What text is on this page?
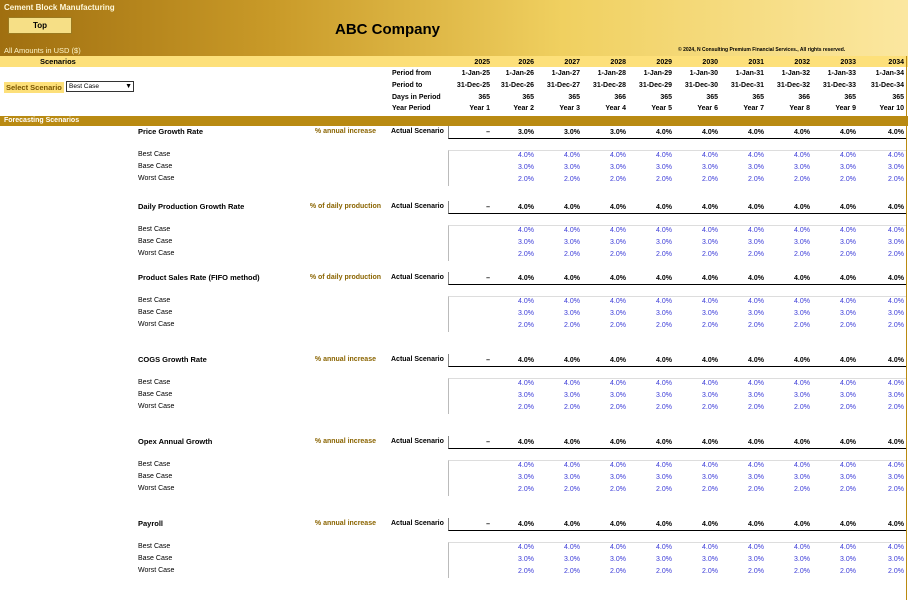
Cement Block Manufacturing
Top	ABC Company
All Amounts in USD ($)	© 2024, N Consulting Premium Financial Services., All rights reserved.
Scenarios
Select Scenario	Best Case	▼
2025	2026	2027	2028	2029	2030	2031	2032	2033	2034
Period from	1-Jan-25	1-Jan-26	1-Jan-27	1-Jan-28	1-Jan-29	1-Jan-30	1-Jan-31	1-Jan-32	1-Jan-33	1-Jan-34
Period to	31-Dec-25 31-Dec-26 31-Dec-27 31-Dec-28 31-Dec-29 31-Dec-30 31-Dec-31 31-Dec-32 31-Dec-33 31-Dec-34
Days in Period	365	365	365	366	365	365	365	366	365	365
Year Period	Year 1	Year 2	Year 3	Year 4	Year 5	Year 6	Year 7	Year 8	Year 9	Year 10
Forecasting Scenarios
Price Growth Rate	% annual increase Actual Scenario	–	3.0%	3.0%	3.0%	4.0%	4.0%	4.0%	4.0%	4.0%	4.0%
Best Case	4.0%	4.0%	4.0%	4.0%	4.0%	4.0%	4.0%	4.0%	4.0%
Base Case	3.0%	3.0%	3.0%	3.0%	3.0%	3.0%	3.0%	3.0%	3.0%
Worst Case	2.0%	2.0%	2.0%	2.0%	2.0%	2.0%	2.0%	2.0%	2.0%
Daily Production Growth Rate	% of daily production Actual Scenario	–	4.0%	4.0%	4.0%	4.0%	4.0%	4.0%	4.0%	4.0%	4.0%
Best Case	4.0%	4.0%	4.0%	4.0%	4.0%	4.0%	4.0%	4.0%	4.0%
Base Case	3.0%	3.0%	3.0%	3.0%	3.0%	3.0%	3.0%	3.0%	3.0%
Worst Case	2.0%	2.0%	2.0%	2.0%	2.0%	2.0%	2.0%	2.0%	2.0%
Product Sales Rate (FIFO method)	% of daily production Actual Scenario	–	4.0%	4.0%	4.0%	4.0%	4.0%	4.0%	4.0%	4.0%	4.0%
Best Case	4.0%	4.0%	4.0%	4.0%	4.0%	4.0%	4.0%	4.0%	4.0%
Base Case	3.0%	3.0%	3.0%	3.0%	3.0%	3.0%	3.0%	3.0%	3.0%
Worst Case	2.0%	2.0%	2.0%	2.0%	2.0%	2.0%	2.0%	2.0%	2.0%
COGS Growth Rate	% annual increase Actual Scenario	–	4.0%	4.0%	4.0%	4.0%	4.0%	4.0%	4.0%	4.0%	4.0%
Best Case	4.0%	4.0%	4.0%	4.0%	4.0%	4.0%	4.0%	4.0%	4.0%
Base Case	3.0%	3.0%	3.0%	3.0%	3.0%	3.0%	3.0%	3.0%	3.0%
Worst Case	2.0%	2.0%	2.0%	2.0%	2.0%	2.0%	2.0%	2.0%	2.0%
Opex Annual Growth	% annual increase Actual Scenario	–	4.0%	4.0%	4.0%	4.0%	4.0%	4.0%	4.0%	4.0%	4.0%
Best Case	4.0%	4.0%	4.0%	4.0%	4.0%	4.0%	4.0%	4.0%	4.0%
Base Case	3.0%	3.0%	3.0%	3.0%	3.0%	3.0%	3.0%	3.0%	3.0%
Worst Case	2.0%	2.0%	2.0%	2.0%	2.0%	2.0%	2.0%	2.0%	2.0%
Payroll	% annual increase Actual Scenario	–	4.0%	4.0%	4.0%	4.0%	4.0%	4.0%	4.0%	4.0%	4.0%
Best Case	4.0%	4.0%	4.0%	4.0%	4.0%	4.0%	4.0%	4.0%	4.0%
Base Case	3.0%	3.0%	3.0%	3.0%	3.0%	3.0%	3.0%	3.0%	3.0%
Worst Case	2.0%	2.0%	2.0%	2.0%	2.0%	2.0%	2.0%	2.0%	2.0%
